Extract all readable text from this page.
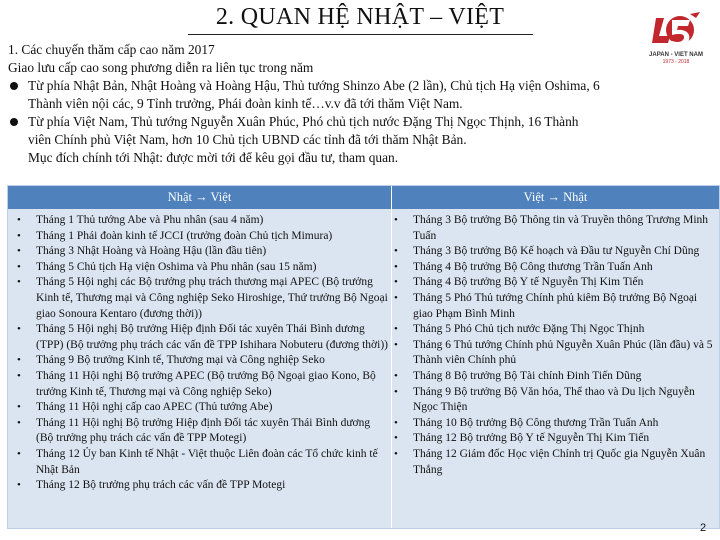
2. QUAN HỆ NHẬT – VIỆT
JAPAN - VIET NAM
1973 - 2018
1. Các chuyến thăm cấp cao năm 2017
Giao lưu cấp cao song phương diễn ra liên tục trong năm
Từ phía Nhật Bản, Nhật Hoàng và Hoàng Hậu, Thủ tướng Shinzo Abe (2 lần), Chủ tịch Hạ viện Oshima, 6
Thành viên nội các, 9 Tỉnh trưởng, Phái đoàn kinh tế…v.v đã tới thăm Việt Nam.
Từ phía Việt Nam, Thủ tướng Nguyễn Xuân Phúc, Phó chủ tịch nước Đặng Thị Ngọc Thịnh, 16 Thành
viên Chính phủ Việt Nam, hơn 10 Chủ tịch UBND các tỉnh đã tới thăm Nhật Bản.
Mục đích chính tới Nhật: được mời tới để kêu gọi đầu tư, tham quan.
Nhật → Việt	Việt → Nhật
• Tháng 1 Thủ tướng Abe và Phu nhân (sau 4 năm)
• Tháng 1 Phái đoàn kinh tế JCCI (trưởng đoàn Chủ tịch Mimura)
• Tháng 3 Nhật Hoàng và Hoàng Hậu (lần đầu tiên)
• Tháng 5 Chủ tịch Hạ viện Oshima và Phu nhân (sau 15 năm)
• Tháng 5 Hội nghị các Bộ trưởng phụ trách thương mại APEC (Bộ trưởng Kinh tế, Thương mại và Công nghiệp Seko Hiroshige, Thứ trưởng Bộ Ngoại giao Sonoura Kentaro (đương thời))
• Tháng 5 Hội nghị Bộ trưởng Hiệp định Đối tác xuyên Thái Bình dương (TPP) (Bộ trưởng phụ trách các vấn đề TPP Ishihara Nobuteru (đương thời))
• Tháng 9 Bộ trưởng Kinh tế, Thương mại và Công nghiệp Seko
• Tháng 11 Hội nghị Bộ trưởng APEC (Bộ trưởng Bộ Ngoại giao Kono, Bộ trưởng Kinh tế, Thương mại và Công nghiệp Seko)
• Tháng 11 Hội nghị cấp cao APEC (Thủ tướng Abe)
• Tháng 11 Hội nghị Bộ trưởng Hiệp định Đối tác xuyên Thái Bình dương (Bộ trưởng phụ trách các vấn đề TPP Motegi)
• Tháng 12 Ủy ban Kinh tế Nhật - Việt thuộc Liên đoàn các Tổ chức kinh tế Nhật Bản
• Tháng 12 Bộ trưởng phụ trách các vấn đề TPP Motegi
• Tháng 3 Bộ trưởng Bộ Thông tin và Truyền thông Trương Minh Tuấn
• Tháng 3 Bộ trưởng Bộ Kế hoạch và Đầu tư Nguyễn Chí Dũng
• Tháng 4 Bộ trưởng Bộ Công thương Trần Tuấn Anh
• Tháng 4 Bộ trưởng Bộ Y tế Nguyễn Thị Kim Tiến
• Tháng 5 Phó Thủ tướng Chính phủ kiêm Bộ trưởng Bộ Ngoại giao Phạm Bình Minh
• Tháng 5 Phó Chủ tịch nước Đặng Thị Ngọc Thịnh
• Tháng 6 Thủ tướng Chính phủ Nguyễn Xuân Phúc (lần đầu) và 5 Thành viên Chính phủ
• Tháng 8 Bộ trưởng Bộ Tài chính Đinh Tiến Dũng
• Tháng 9 Bộ trưởng Bộ Văn hóa, Thể thao và Du lịch Nguyễn Ngọc Thiện
• Tháng 10 Bộ trưởng Bộ Công thương Trần Tuấn Anh
• Tháng 12 Bộ trưởng Bộ Y tế Nguyễn Thị Kim Tiến
• Tháng 12 Giám đốc Học viện Chính trị Quốc gia Nguyễn Xuân Thắng
2
